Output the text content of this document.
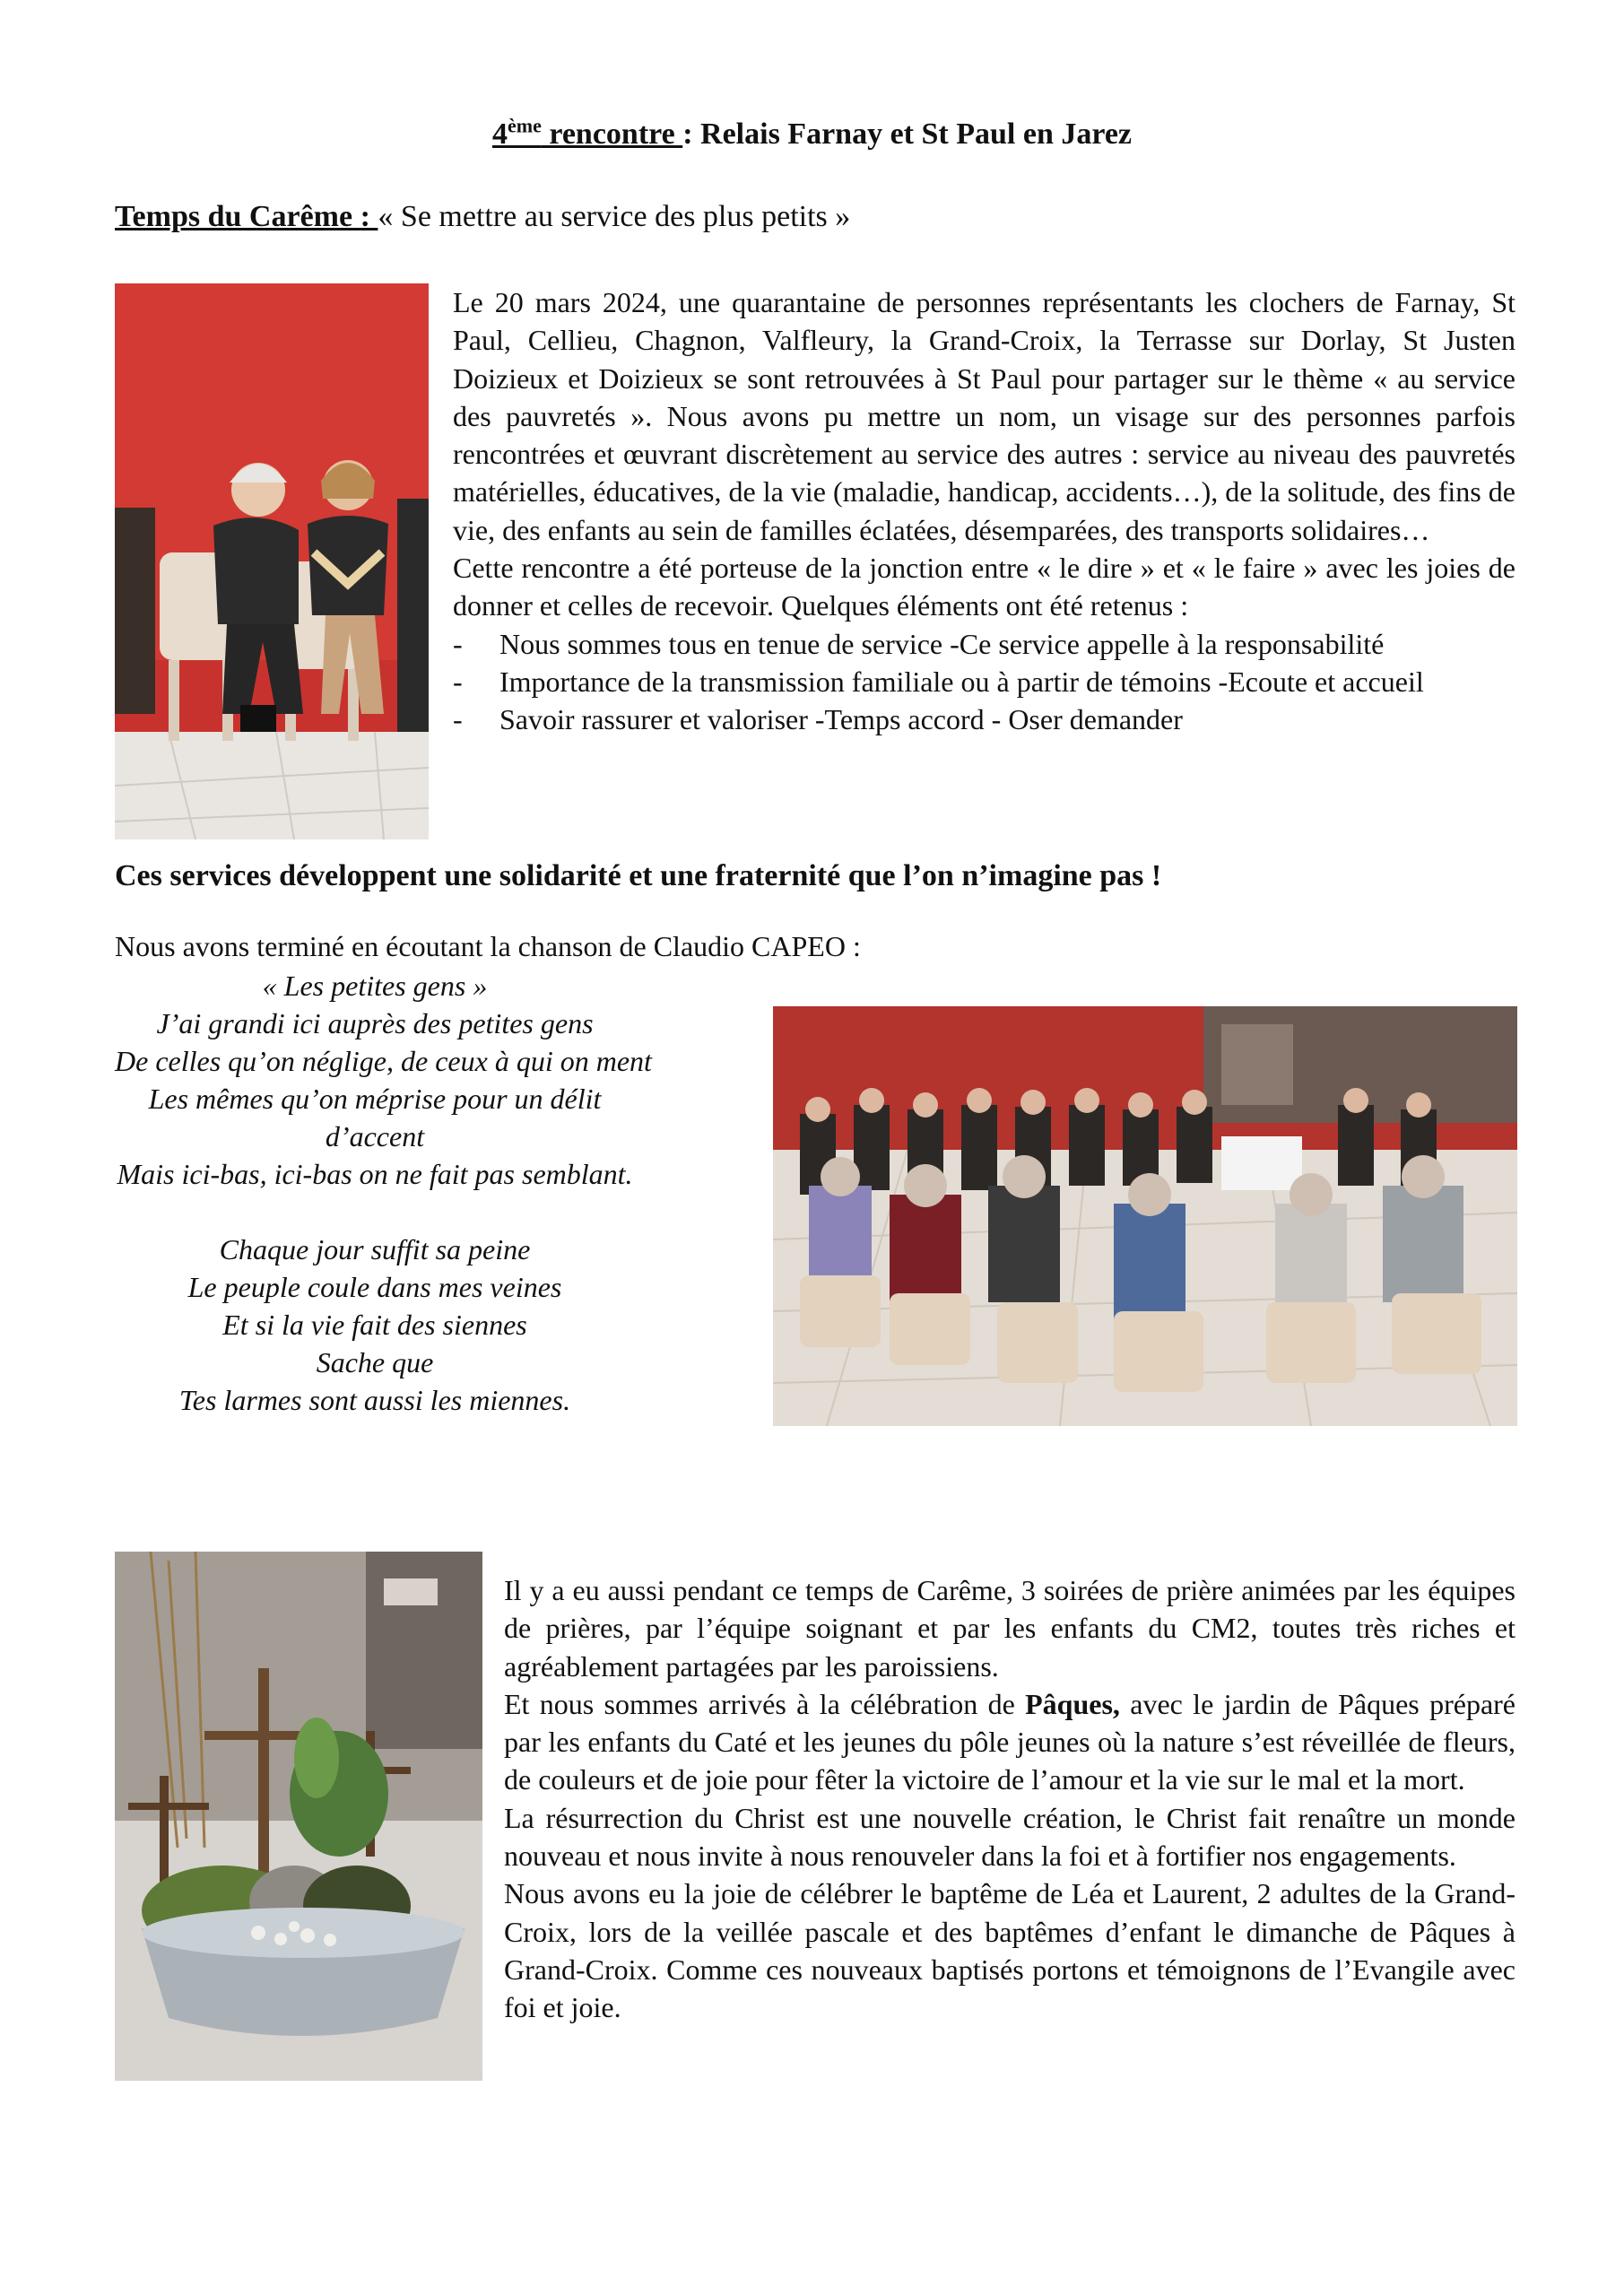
4ème rencontre : Relais Farnay et St Paul en Jarez
Temps du Carême : « Se mettre au service des plus petits »

Le 20 mars 2024, une quarantaine de personnes représentants les clochers de Farnay, St Paul, Cellieu, Chagnon, Valfleury, la Grand-Croix, la Terrasse sur Dorlay, St Justen Doizieux et Doizieux se sont retrouvées à St Paul pour partager sur le thème « au service des pauvretés ». Nous avons pu mettre un nom, un visage sur des personnes parfois rencontrées et œuvrant discrètement au service des autres : service au niveau des pauvretés matérielles, éducatives, de la vie (maladie, handicap, accidents…), de la solitude, des fins de vie, des enfants au sein de familles éclatées, désemparées, des transports solidaires…

Cette rencontre a été porteuse de la jonction entre « le dire » et « le faire » avec les joies de donner et celles de recevoir. Quelques éléments ont été retenus :

-	Nous sommes tous en tenue de service -Ce service appelle à la responsabilité
-	Importance de la transmission familiale ou à partir de témoins -Ecoute et accueil
-	Savoir rassurer et valoriser -Temps accord - Oser demander
Ces services développent une solidarité et une fraternité que l’on n’imagine pas !
Nous avons terminé en écoutant la chanson de Claudio CAPEO :
« Les petites gens »
J’ai grandi ici auprès des petites gens
De celles qu’on néglige, de ceux à qui on ment
Les mêmes qu’on méprise pour un délit d’accent
Mais ici-bas, ici-bas on ne fait pas semblant.
Chaque jour suffit sa peine
Le peuple coule dans mes veines
Et si la vie fait des siennes
Sache que
Tes larmes sont aussi les miennes.

Il y a eu aussi pendant ce temps de Carême, 3 soirées de prière animées par les équipes de prières, par l’équipe soignant et par les enfants du CM2, toutes très riches et agréablement partagées par les paroissiens.

Et nous sommes arrivés à la célébration de Pâques, avec le jardin de Pâques préparé par les enfants du Caté et les jeunes du pôle jeunes où la nature s’est réveillée de fleurs, de couleurs et de joie pour fêter la victoire de l’amour et la vie sur le mal et la mort.

La résurrection du Christ est une nouvelle création, le Christ fait renaître un monde nouveau et nous invite à nous renouveler dans la foi et à fortifier nos engagements.

Nous avons eu la joie de célébrer le baptême de Léa et Laurent, 2 adultes de la Grand-Croix, lors de la veillée pascale et des baptêmes d’enfant le dimanche de Pâques à Grand-Croix. Comme ces nouveaux baptisés portons et témoignons de l’Evangile avec foi et joie.
